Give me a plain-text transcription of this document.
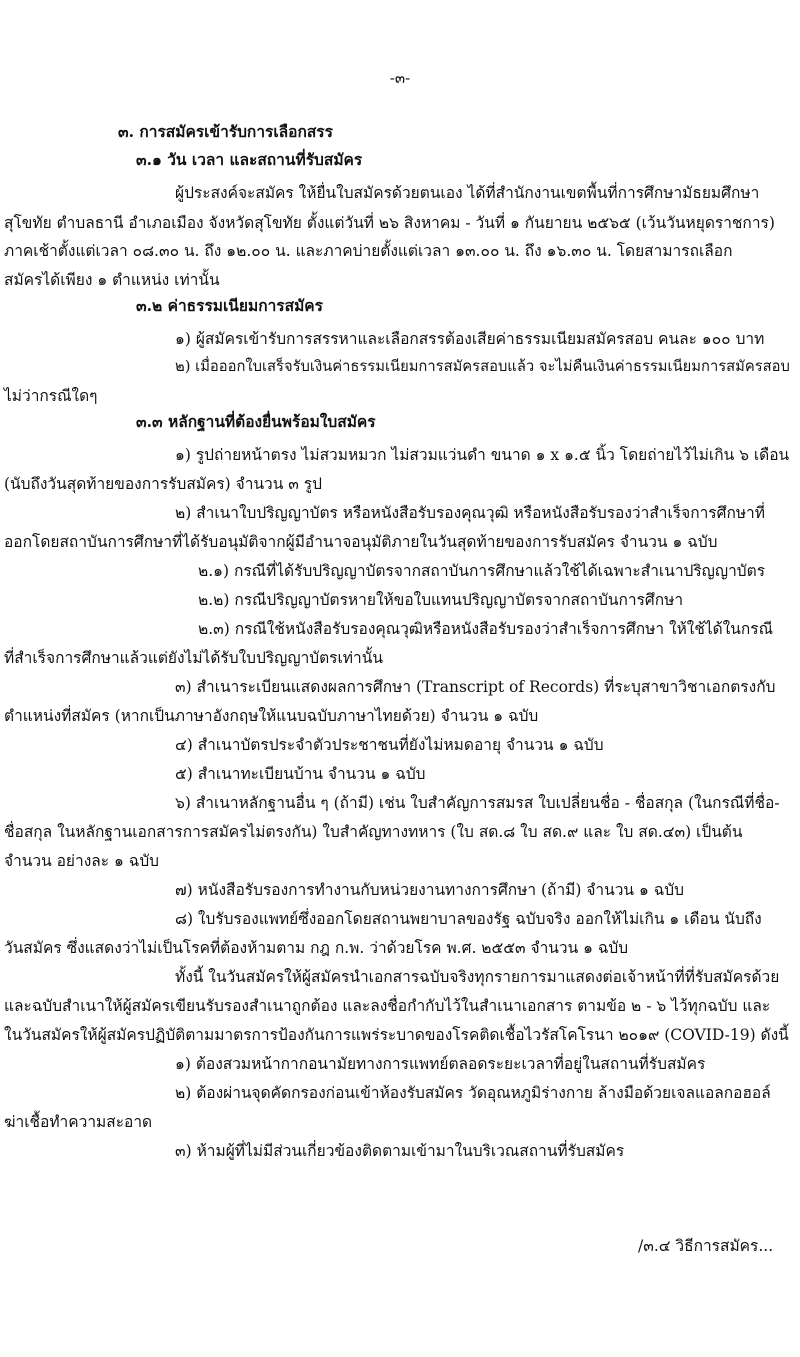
-๓-
๓. การสมัครเข้ารับการเลือกสรร
๓.๑ วัน เวลา และสถานที่รับสมัคร
ผู้ประสงค์จะสมัคร ให้ยื่นใบสมัครด้วยตนเอง ได้ที่สำนักงานเขตพื้นที่การศึกษามัธยมศึกษา
สุโขทัย ตำบลธานี อำเภอเมือง จังหวัดสุโขทัย ตั้งแต่วันที่ ๒๖ สิงหาคม - วันที่ ๑ กันยายน ๒๕๖๕ (เว้นวันหยุดราชการ)
ภาคเช้าตั้งแต่เวลา ๐๘.๓๐ น. ถึง ๑๒.๐๐ น. และภาคบ่ายตั้งแต่เวลา ๑๓.๐๐ น. ถึง ๑๖.๓๐ น. โดยสามารถเลือก
สมัครได้เพียง ๑ ตำแหน่ง เท่านั้น
๓.๒ ค่าธรรมเนียมการสมัคร
๑) ผู้สมัครเข้ารับการสรรหาและเลือกสรรต้องเสียค่าธรรมเนียมสมัครสอบ คนละ ๑๐๐ บาท
๒) เมื่อออกใบเสร็จรับเงินค่าธรรมเนียมการสมัครสอบแล้ว จะไม่คืนเงินค่าธรรมเนียมการสมัครสอบ
ไม่ว่ากรณีใดๆ
๓.๓ หลักฐานที่ต้องยื่นพร้อมใบสมัคร
๑) รูปถ่ายหน้าตรง ไม่สวมหมวก ไม่สวมแว่นดำ ขนาด ๑ x ๑.๕ นิ้ว โดยถ่ายไว้ไม่เกิน ๖ เดือน
(นับถึงวันสุดท้ายของการรับสมัคร) จำนวน ๓ รูป
๒) สำเนาใบปริญญาบัตร หรือหนังสือรับรองคุณวุฒิ หรือหนังสือรับรองว่าสำเร็จการศึกษาที่
ออกโดยสถาบันการศึกษาที่ได้รับอนุมัติจากผู้มีอำนาจอนุมัติภายในวันสุดท้ายของการรับสมัคร จำนวน ๑ ฉบับ
๒.๑) กรณีที่ได้รับปริญญาบัตรจากสถาบันการศึกษาแล้วใช้ได้เฉพาะสำเนาปริญญาบัตร
๒.๒) กรณีปริญญาบัตรหายให้ขอใบแทนปริญญาบัตรจากสถาบันการศึกษา
๒.๓) กรณีใช้หนังสือรับรองคุณวุฒิหรือหนังสือรับรองว่าสำเร็จการศึกษา ให้ใช้ได้ในกรณี
ที่สำเร็จการศึกษาแล้วแต่ยังไม่ได้รับใบปริญญาบัตรเท่านั้น
๓) สำเนาระเบียนแสดงผลการศึกษา (Transcript of Records) ที่ระบุสาขาวิชาเอกตรงกับ
ตำแหน่งที่สมัคร (หากเป็นภาษาอังกฤษให้แนบฉบับภาษาไทยด้วย) จำนวน ๑ ฉบับ
๔) สำเนาบัตรประจำตัวประชาชนที่ยังไม่หมดอายุ จำนวน ๑ ฉบับ
๕) สำเนาทะเบียนบ้าน จำนวน ๑ ฉบับ
๖) สำเนาหลักฐานอื่น ๆ (ถ้ามี) เช่น ใบสำคัญการสมรส ใบเปลี่ยนชื่อ - ชื่อสกุล (ในกรณีที่ชื่อ-
ชื่อสกุล ในหลักฐานเอกสารการสมัครไม่ตรงกัน) ใบสำคัญทางทหาร (ใบ สด.๘ ใบ สด.๙ และ ใบ สด.๔๓) เป็นต้น
จำนวน อย่างละ ๑ ฉบับ
๗) หนังสือรับรองการทำงานกับหน่วยงานทางการศึกษา (ถ้ามี) จำนวน ๑ ฉบับ
๘) ใบรับรองแพทย์ซึ่งออกโดยสถานพยาบาลของรัฐ ฉบับจริง ออกให้ไม่เกิน ๑ เดือน นับถึง
วันสมัคร ซึ่งแสดงว่าไม่เป็นโรคที่ต้องห้ามตาม กฎ ก.พ. ว่าด้วยโรค พ.ศ. ๒๕๕๓ จำนวน ๑ ฉบับ
ทั้งนี้ ในวันสมัครให้ผู้สมัครนำเอกสารฉบับจริงทุกรายการมาแสดงต่อเจ้าหน้าที่ที่รับสมัครด้วย
และฉบับสำเนาให้ผู้สมัครเขียนรับรองสำเนาถูกต้อง และลงชื่อกำกับไว้ในสำเนาเอกสาร ตามข้อ ๒ - ๖ ไว้ทุกฉบับ และ
ในวันสมัครให้ผู้สมัครปฏิบัติตามมาตรการป้องกันการแพร่ระบาดของโรคติดเชื้อไวรัสโคโรนา ๒๐๑๙ (COVID-19) ดังนี้
๑) ต้องสวมหน้ากากอนามัยทางการแพทย์ตลอดระยะเวลาที่อยู่ในสถานที่รับสมัคร
๒) ต้องผ่านจุดคัดกรองก่อนเข้าห้องรับสมัคร วัดอุณหภูมิร่างกาย ล้างมือด้วยเจลแอลกอฮอล์
ฆ่าเชื้อทำความสะอาด
๓) ห้ามผู้ที่ไม่มีส่วนเกี่ยวข้องติดตามเข้ามาในบริเวณสถานที่รับสมัคร
/๓.๔ วิธีการสมัคร...
